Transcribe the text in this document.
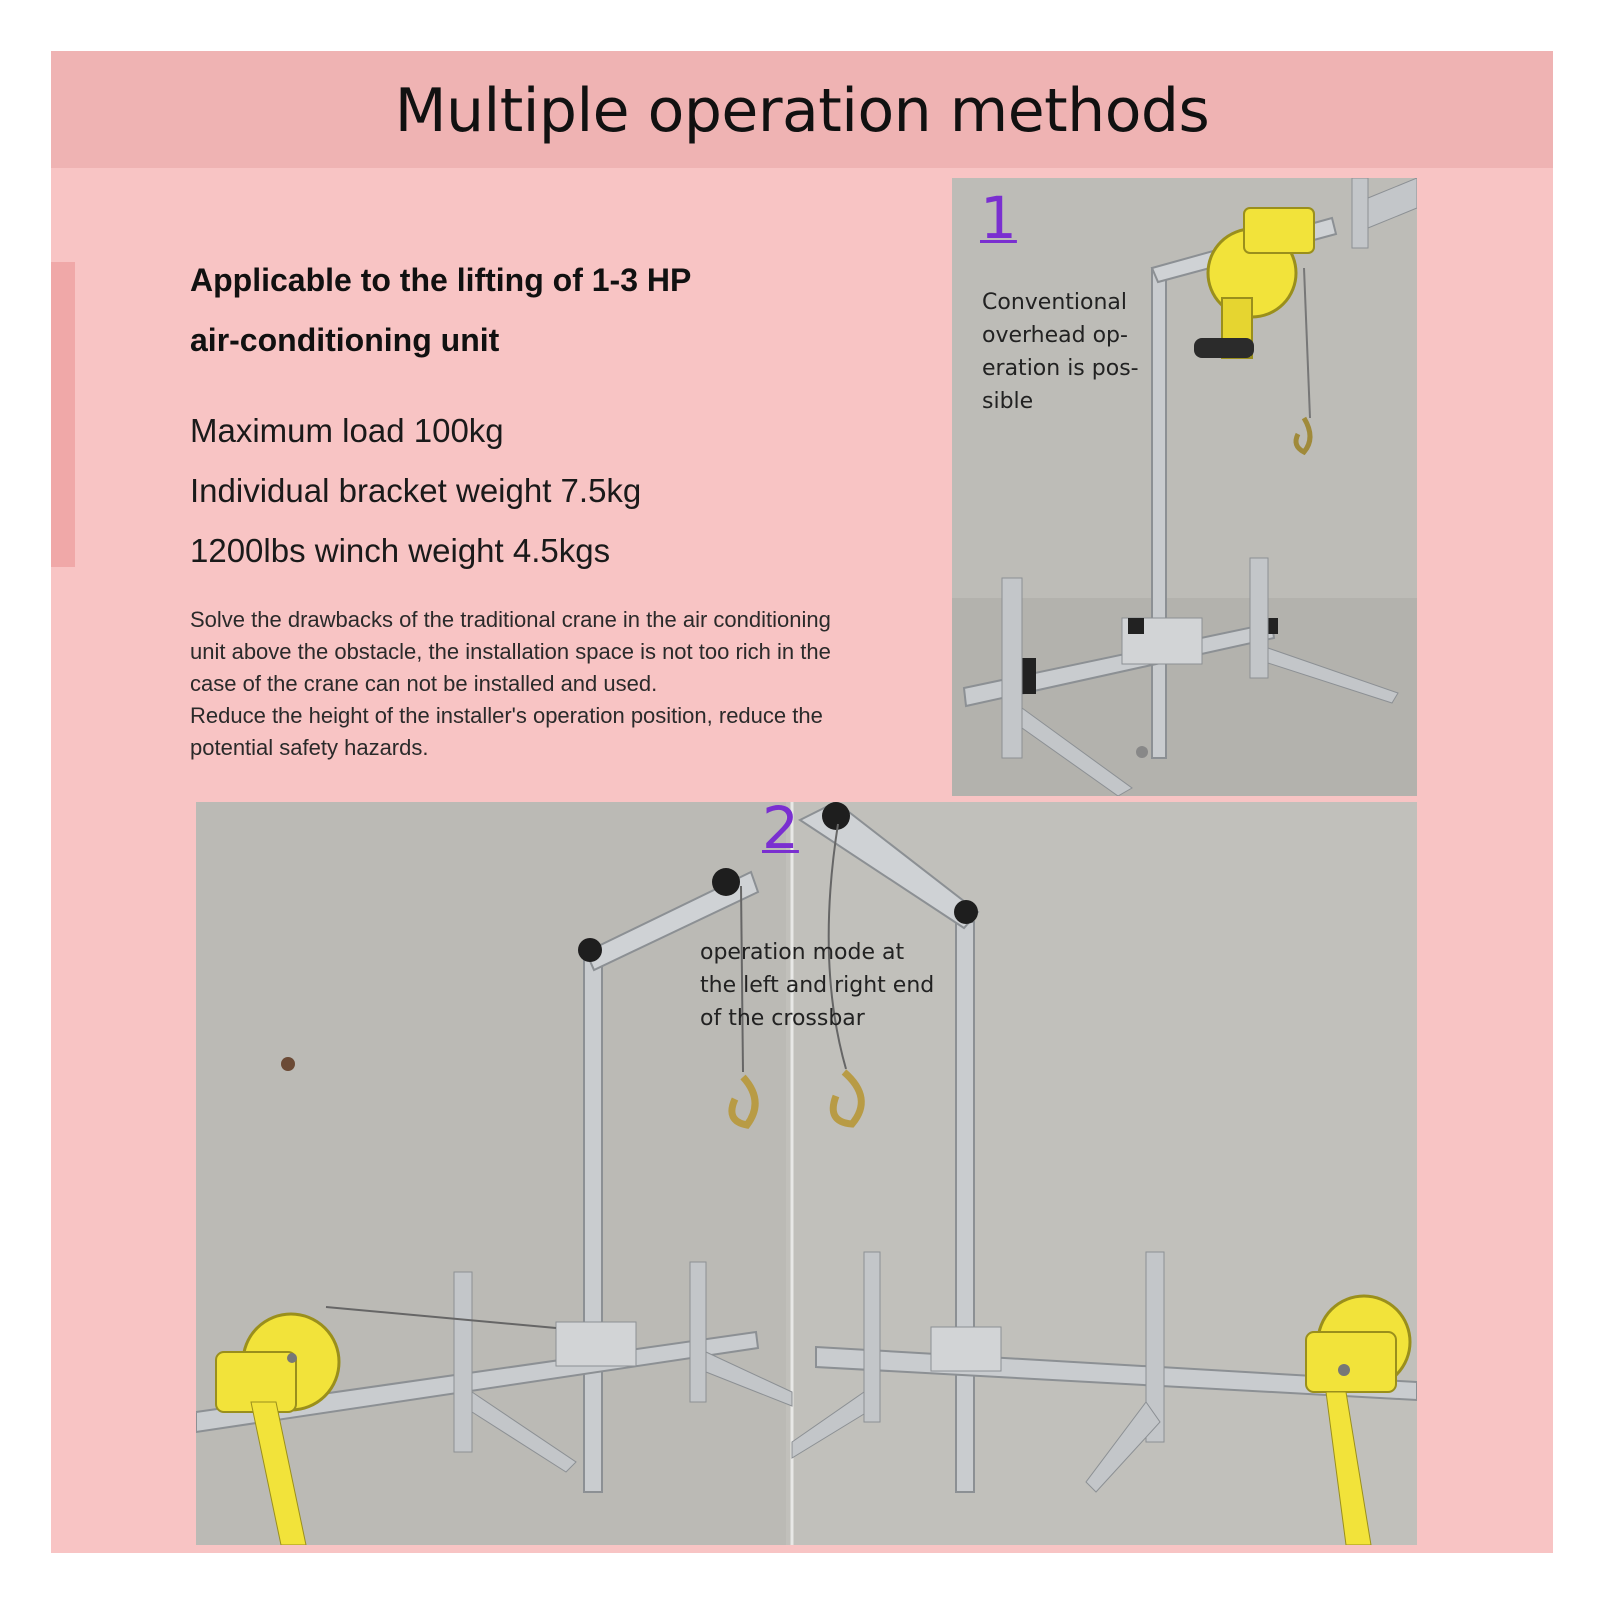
Multiple operation methods
Applicable to the lifting of 1-3 HP
air-conditioning unit
Maximum load 100kg
Individual bracket weight 7.5kg
1200lbs winch weight 4.5kgs
Solve the drawbacks of the traditional crane in the air conditioning
unit above the obstacle, the installation space is not too rich in the
case of the crane can not be installed and used.
Reduce the height of the installer's operation position, reduce the
potential safety hazards.
1
Conventional
overhead op-
eration is pos-
sible
2
operation mode at
the left and right end
of the crossbar
